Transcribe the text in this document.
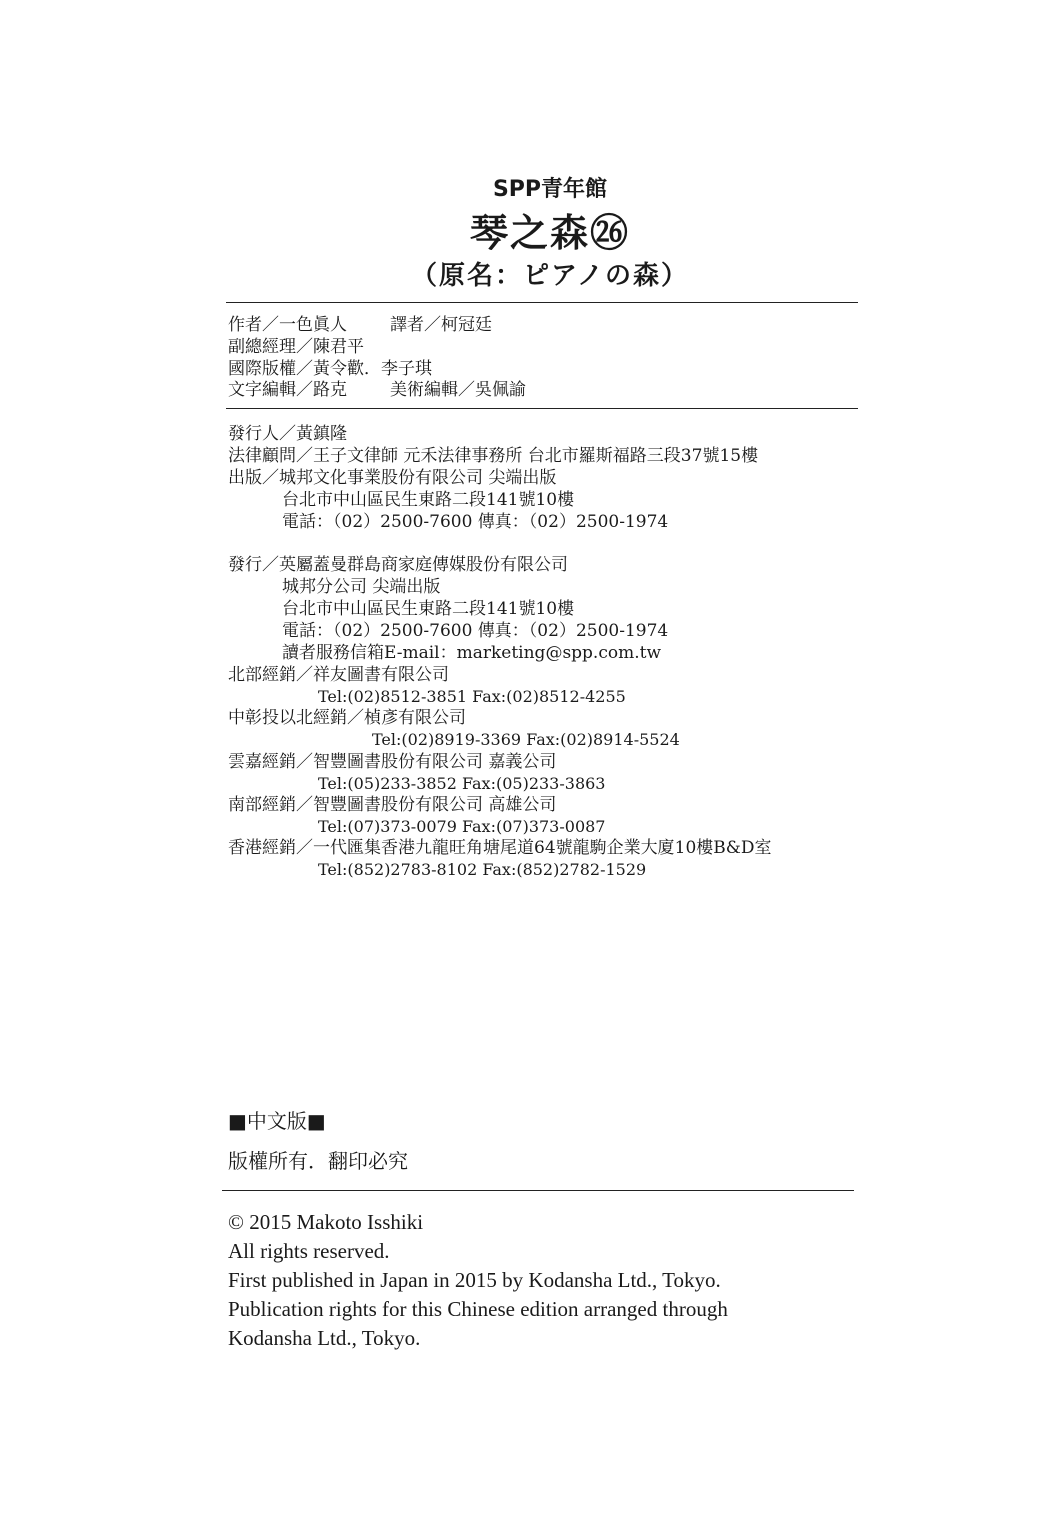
SPP青年館
琴之森㉖
（原名：ピアノの森）
作者／一色眞人	譯者／柯冠廷
副總經理／陳君平
國際版權／黃令歡．李子琪
文字編輯／路克	美術編輯／吳佩諭
發行人／黃鎮隆
法律顧問／王子文律師 元禾法律事務所 台北市羅斯福路三段37號15樓
出版／城邦文化事業股份有限公司 尖端出版
台北市中山區民生東路二段141號10樓
電話：（02）2500-7600 傳真：（02）2500-1974
發行／英屬蓋曼群島商家庭傳媒股份有限公司
城邦分公司 尖端出版
台北市中山區民生東路二段141號10樓
電話：（02）2500-7600 傳真：（02）2500-1974
讀者服務信箱E-mail：marketing@spp.com.tw
北部經銷／祥友圖書有限公司
Tel:(02)8512-3851 Fax:(02)8512-4255
中彰投以北經銷／楨彥有限公司
Tel:(02)8919-3369 Fax:(02)8914-5524
雲嘉經銷／智豐圖書股份有限公司 嘉義公司
Tel:(05)233-3852 Fax:(05)233-3863
南部經銷／智豐圖書股份有限公司 高雄公司
Tel:(07)373-0079 Fax:(07)373-0087
香港經銷／一代匯集香港九龍旺角塘尾道64號龍駒企業大廈10樓B&D室
Tel:(852)2783-8102 Fax:(852)2782-1529
■中文版■
版權所有．翻印必究
© 2015 Makoto Isshiki
All rights reserved.
First published in Japan in 2015 by Kodansha Ltd., Tokyo.
Publication rights for this Chinese edition arranged through
Kodansha Ltd., Tokyo.
